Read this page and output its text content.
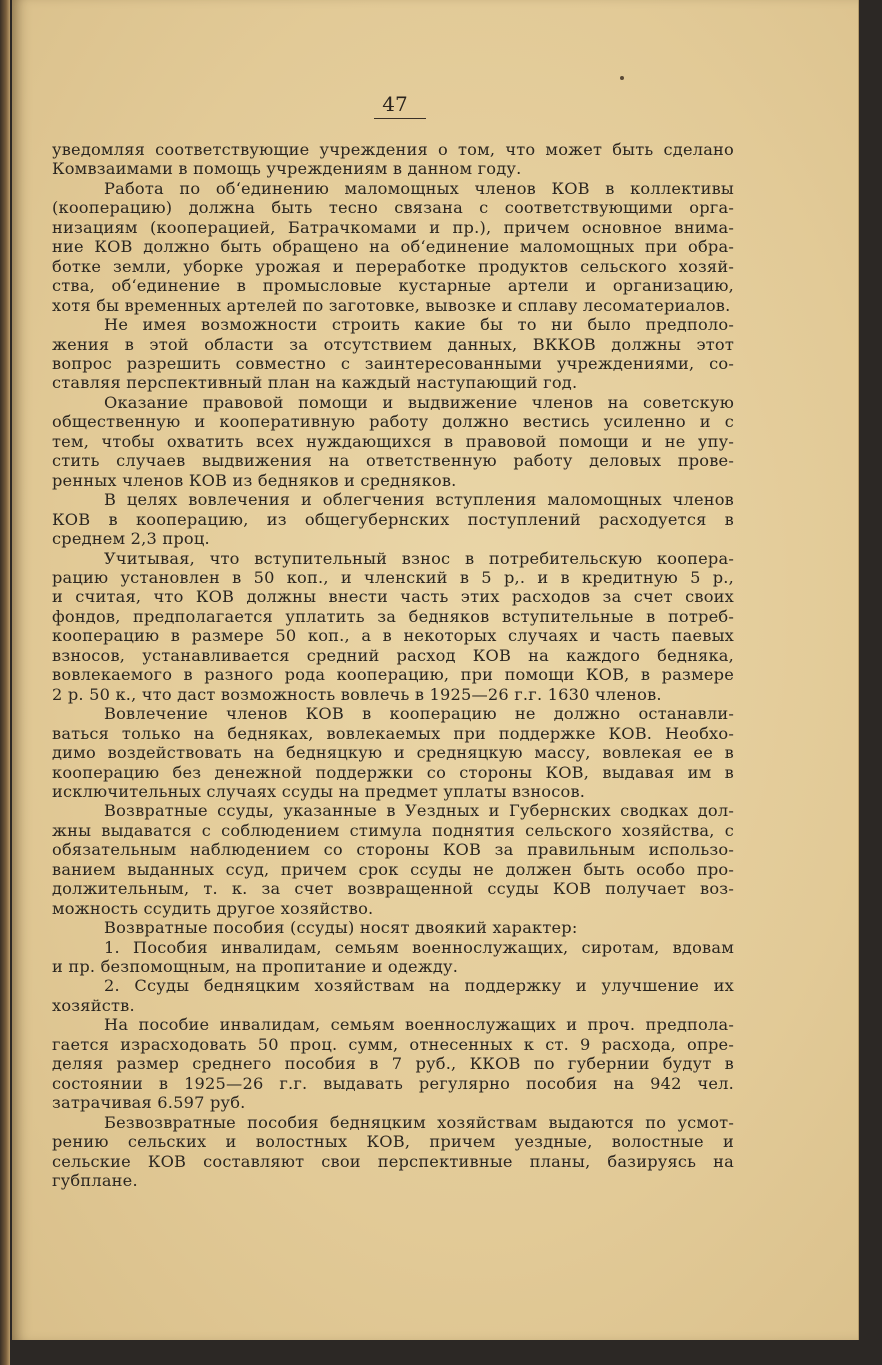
47
уведомляя соответствующие учреждения о том, что может быть сделано
Комвзаимами в помощь учреждениям в данном году.
Работа по об‘единению маломощных членов КОВ в коллективы
(кооперацию) должна быть тесно связана с соответствующими орга-
низациям (кооперацией, Батрачкомами и пр.), причем основное внима-
ние КОВ должно быть обращено на об‘единение маломощных при обра-
ботке земли, уборке урожая и переработке продуктов сельского хозяй-
ства, об‘единение в промысловые кустарные артели и организацию,
хотя бы временных артелей по заготовке, вывозке и сплаву лесоматериалов.
Не имея возможности строить какие бы то ни было предполо-
жения в этой области за отсутствием данных, ВККОВ должны этот
вопрос разрешить совместно с заинтересованными учреждениями, со-
ставляя перспективный план на каждый наступающий год.
Оказание правовой помощи и выдвижение членов на советскую
общественную и кооперативную работу должно вестись усиленно и с
тем, чтобы охватить всех нуждающихся в правовой помощи и не упу-
стить случаев выдвижения на ответственную работу деловых прове-
ренных членов КОВ из бедняков и средняков.
В целях вовлечения и облегчения вступления маломощных членов
КОВ в кооперацию, из общегубернских поступлений расходуется в
среднем 2,3 проц.
Учитывая, что вступительный взнос в потребительскую коопера-
рацию установлен в 50 коп., и членский в 5 р,. и в кредитную 5 р.,
и считая, что КОВ должны внести часть этих расходов за счет своих
фондов, предполагается уплатить за бедняков вступительные в потреб-
кооперацию в размере 50 коп., а в некоторых случаях и часть паевых
взносов, устанавливается средний расход КОВ на каждого бедняка,
вовлекаемого в разного рода кооперацию, при помощи КОВ, в размере
2 р. 50 к., что даст возможность вовлечь в 1925—26 г.г. 1630 членов.
Вовлечение членов КОВ в кооперацию не должно останавли-
ваться только на бедняках, вовлекаемых при поддержке КОВ. Необхо-
димо воздействовать на бедняцкую и средняцкую массу, вовлекая ее в
кооперацию без денежной поддержки со стороны КОВ, выдавая им в
исключительных случаях ссуды на предмет уплаты взносов.
Возвратные ссуды, указанные в Уездных и Губернских сводках дол-
жны выдаватся с соблюдением стимула поднятия сельского хозяйства, с
обязательным наблюдением со стороны КОВ за правильным использо-
ванием выданных ссуд, причем срок ссуды не должен быть особо про-
должительным, т. к. за счет возвращенной ссуды КОВ получает воз-
можность ссудить другое хозяйство.
Возвратные пособия (ссуды) носят двоякий характер:
1. Пособия инвалидам, семьям военнослужащих, сиротам, вдовам
и пр. безпомощным, на пропитание и одежду.
2. Ссуды бедняцким хозяйствам на поддержку и улучшение их
хозяйств.
На пособие инвалидам, семьям военнослужащих и проч. предпола-
гается израсходовать 50 проц. сумм, отнесенных к ст. 9 расхода, опре-
деляя размер среднего пособия в 7 руб., ККОВ по губернии будут в
состоянии в 1925—26 г.г. выдавать регулярно пособия на 942 чел.
затрачивая 6.597 руб.
Безвозвратные пособия бедняцким хозяйствам выдаются по усмот-
рению сельских и волостных КОВ, причем уездные, волостные и
сельские КОВ составляют свои перспективные планы, базируясь на
губплане.
